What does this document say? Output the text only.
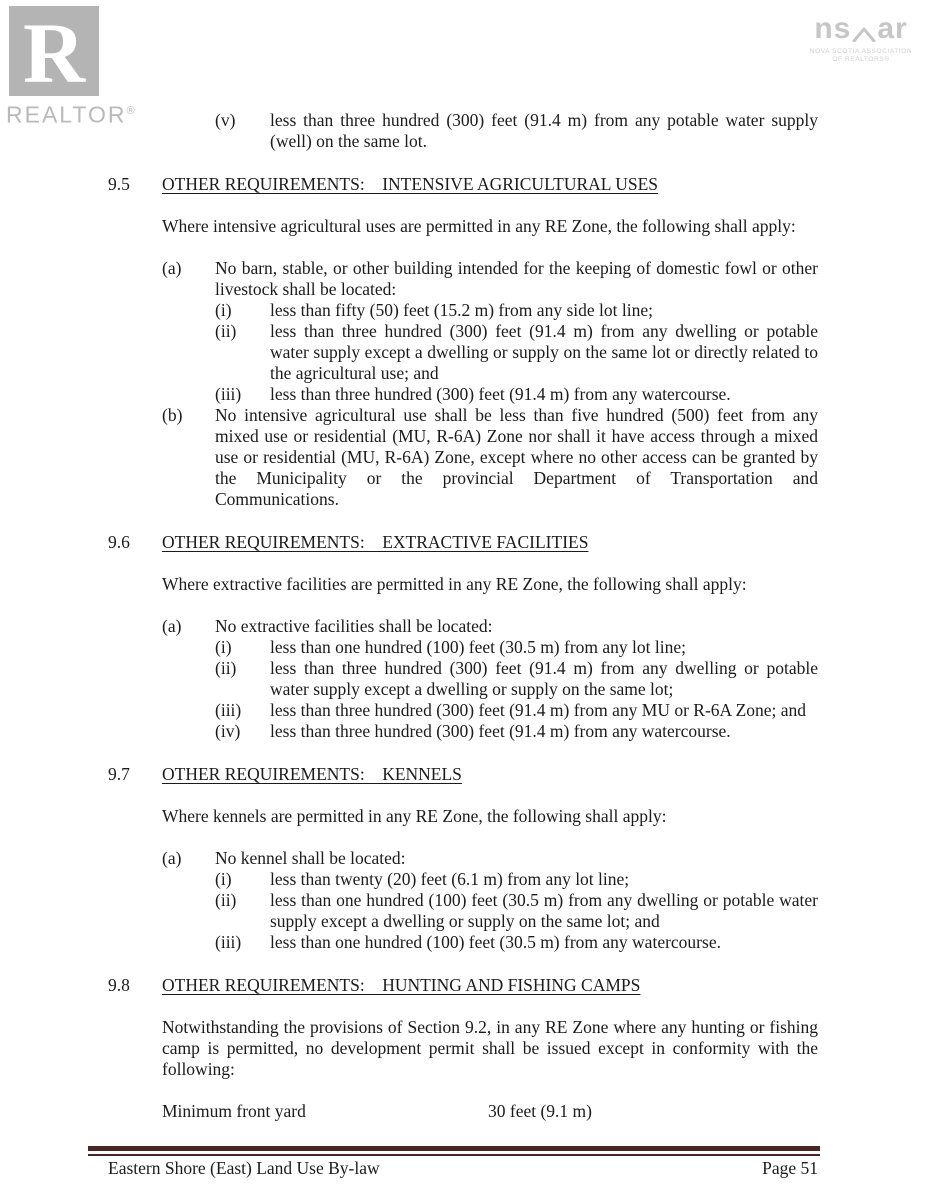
R
REALTOR®
ns ar
NOVA SCOTIA ASSOCIATION
OF REALTORS®
(v)	less than three hundred (300) feet (91.4 m) from any potable water supply (well) on the same lot.
9.5	OTHER REQUIREMENTS:    INTENSIVE AGRICULTURAL USES
Where intensive agricultural uses are permitted in any RE Zone, the following shall apply:
(a)	No barn, stable, or other building intended for the keeping of domestic fowl or other livestock shall be located:
(i)	less than fifty (50) feet (15.2 m) from any side lot line;
(ii)	less than three hundred (300) feet (91.4 m) from any dwelling or potable water supply except a dwelling or supply on the same lot or directly related to the agricultural use; and
(iii)	less than three hundred (300) feet (91.4 m) from any watercourse.
(b)	No intensive agricultural use shall be less than five hundred (500) feet from any mixed use or residential (MU, R-6A) Zone nor shall it have access through a mixed use or residential (MU, R-6A) Zone, except where no other access can be granted by the Municipality or the provincial Department of Transportation and Communications.
9.6	OTHER REQUIREMENTS:    EXTRACTIVE FACILITIES
Where extractive facilities are permitted in any RE Zone, the following shall apply:
(a)	No extractive facilities shall be located:
(i)	less than one hundred (100) feet (30.5 m) from any lot line;
(ii)	less than three hundred (300) feet (91.4 m) from any dwelling or potable water supply except a dwelling or supply on the same lot;
(iii)	less than three hundred (300) feet (91.4 m) from any MU or R-6A Zone; and
(iv)	less than three hundred (300) feet (91.4 m) from any watercourse.
9.7	OTHER REQUIREMENTS:    KENNELS
Where kennels are permitted in any RE Zone, the following shall apply:
(a)	No kennel shall be located:
(i)	less than twenty (20) feet (6.1 m) from any lot line;
(ii)	less than one hundred (100) feet (30.5 m) from any dwelling or potable water supply except a dwelling or supply on the same lot; and
(iii)	less than one hundred (100) feet (30.5 m) from any watercourse.
9.8	OTHER REQUIREMENTS:    HUNTING AND FISHING CAMPS
Notwithstanding the provisions of Section 9.2, in any RE Zone where any hunting or fishing camp is permitted, no development permit shall be issued except in conformity with the following:
Minimum front yard	30 feet (9.1 m)
Eastern Shore (East) Land Use By-law	Page 51
